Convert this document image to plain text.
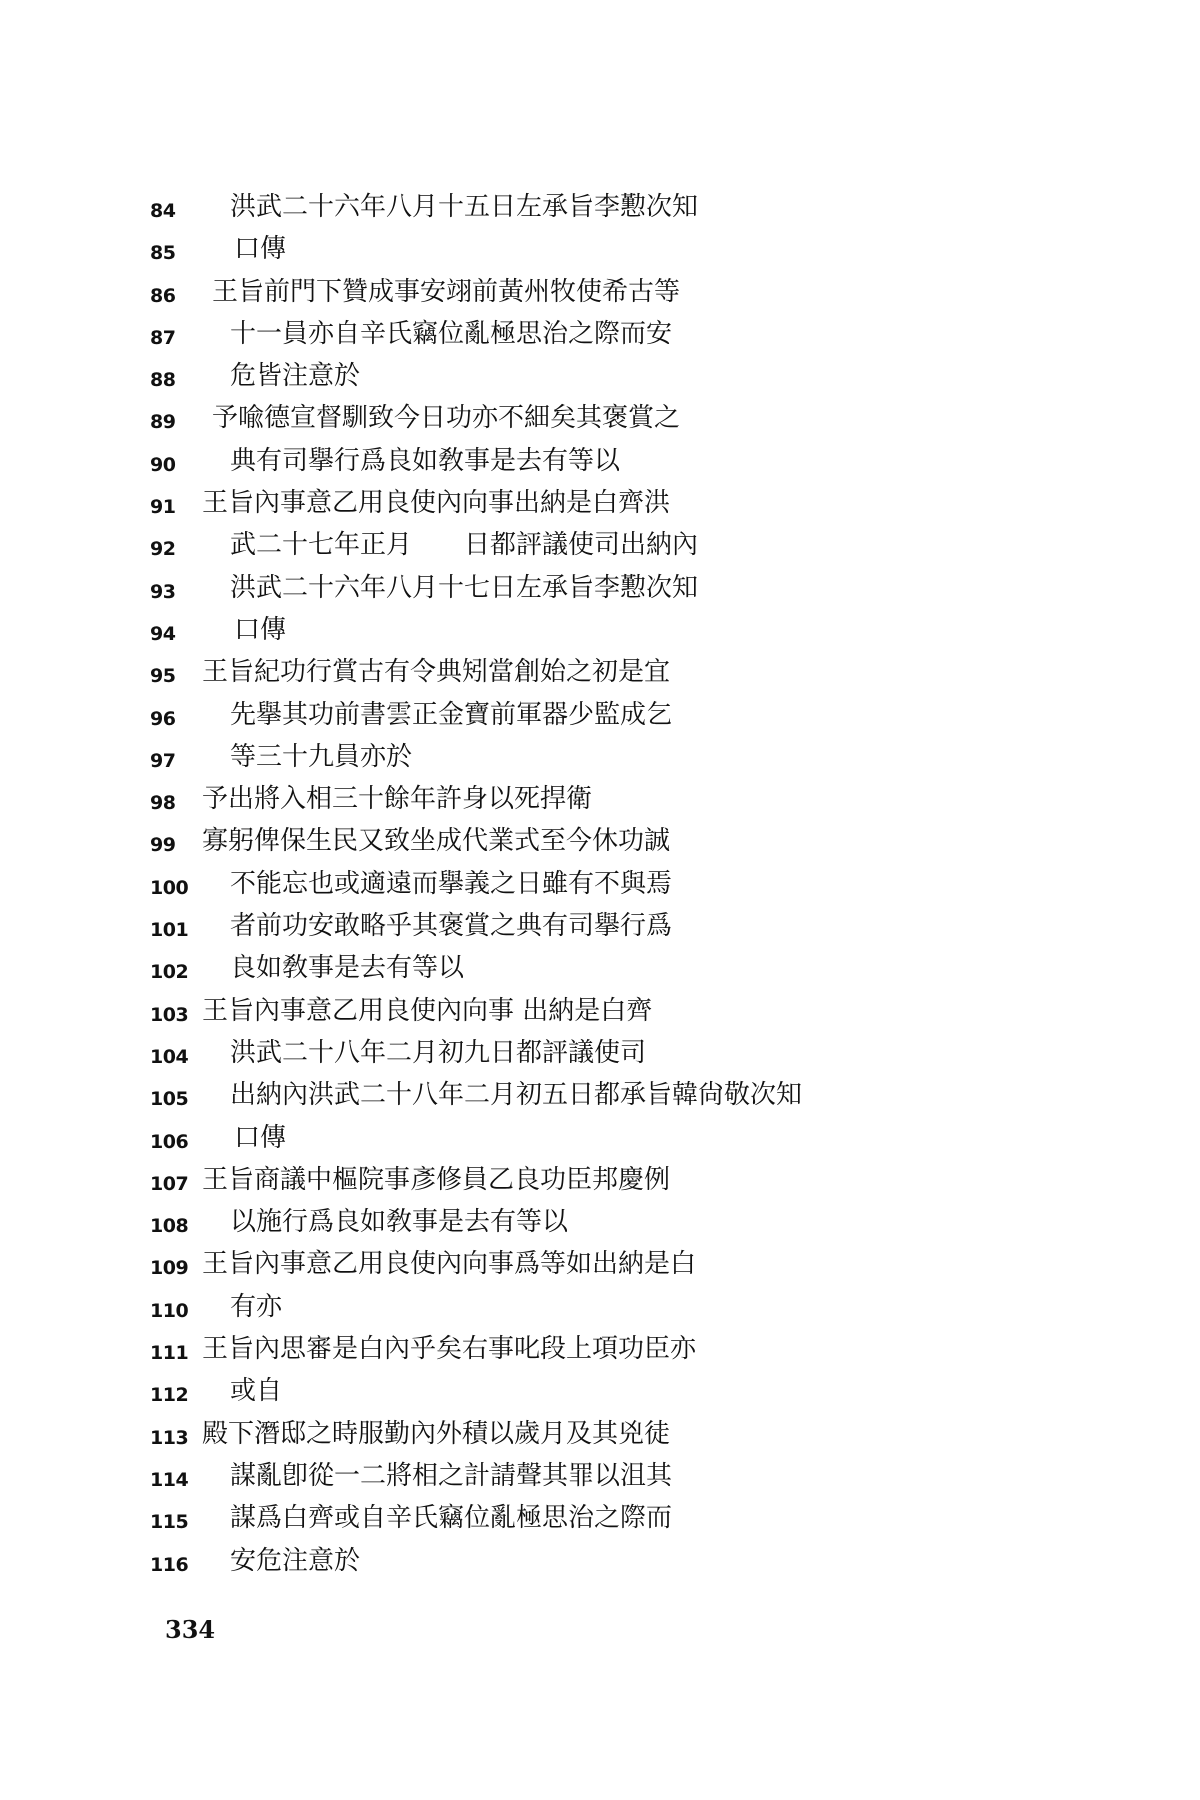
84	洪武二十六年八月十五日左承旨李懃次知
85	口傳
86	王旨前門下贊成事安翊前黃州牧使希古等
87	十一員亦自辛氏竊位亂極思治之際而安
88	危皆注意於
89	予喩德宣督馴致今日功亦不細矣其褒賞之
90	典有司擧行爲良如敎事是去有等以
91	王旨內事意乙用良使內向事出納是白齊洪
92	武二十七年正月　　日都評議使司出納內
93	洪武二十六年八月十七日左承旨李懃次知
94	口傳
95	王旨紀功行賞古有令典矧當創始之初是宜
96	先擧其功前書雲正金寶前軍器少監成乞
97	等三十九員亦於
98	予出將入相三十餘年許身以死捍衛
99	寡躬俾保生民又致坐成代業式至今休功誠
100 不能忘也或適遠而擧義之日雖有不與焉
101 者前功安敢略乎其褒賞之典有司擧行爲
102 良如敎事是去有等以
103 王旨內事意乙用良使內向事 出納是白齊
104 洪武二十八年二月初九日都評議使司
105 出納內洪武二十八年二月初五日都承旨韓尙敬次知
106 口傳
107 王旨商議中樞院事彥修員乙良功臣邦慶例
108 以施行爲良如敎事是去有等以
109 王旨內事意乙用良使內向事爲等如出納是白
110 有亦
111 王旨內思審是白內乎矣右事叱段上項功臣亦
112 或自
113 殿下潛邸之時服勤內外積以歲月及其兇徒
114 謀亂卽從一二將相之計請聲其罪以沮其
115 謀爲白齊或自辛氏竊位亂極思治之際而
116 安危注意於
334
